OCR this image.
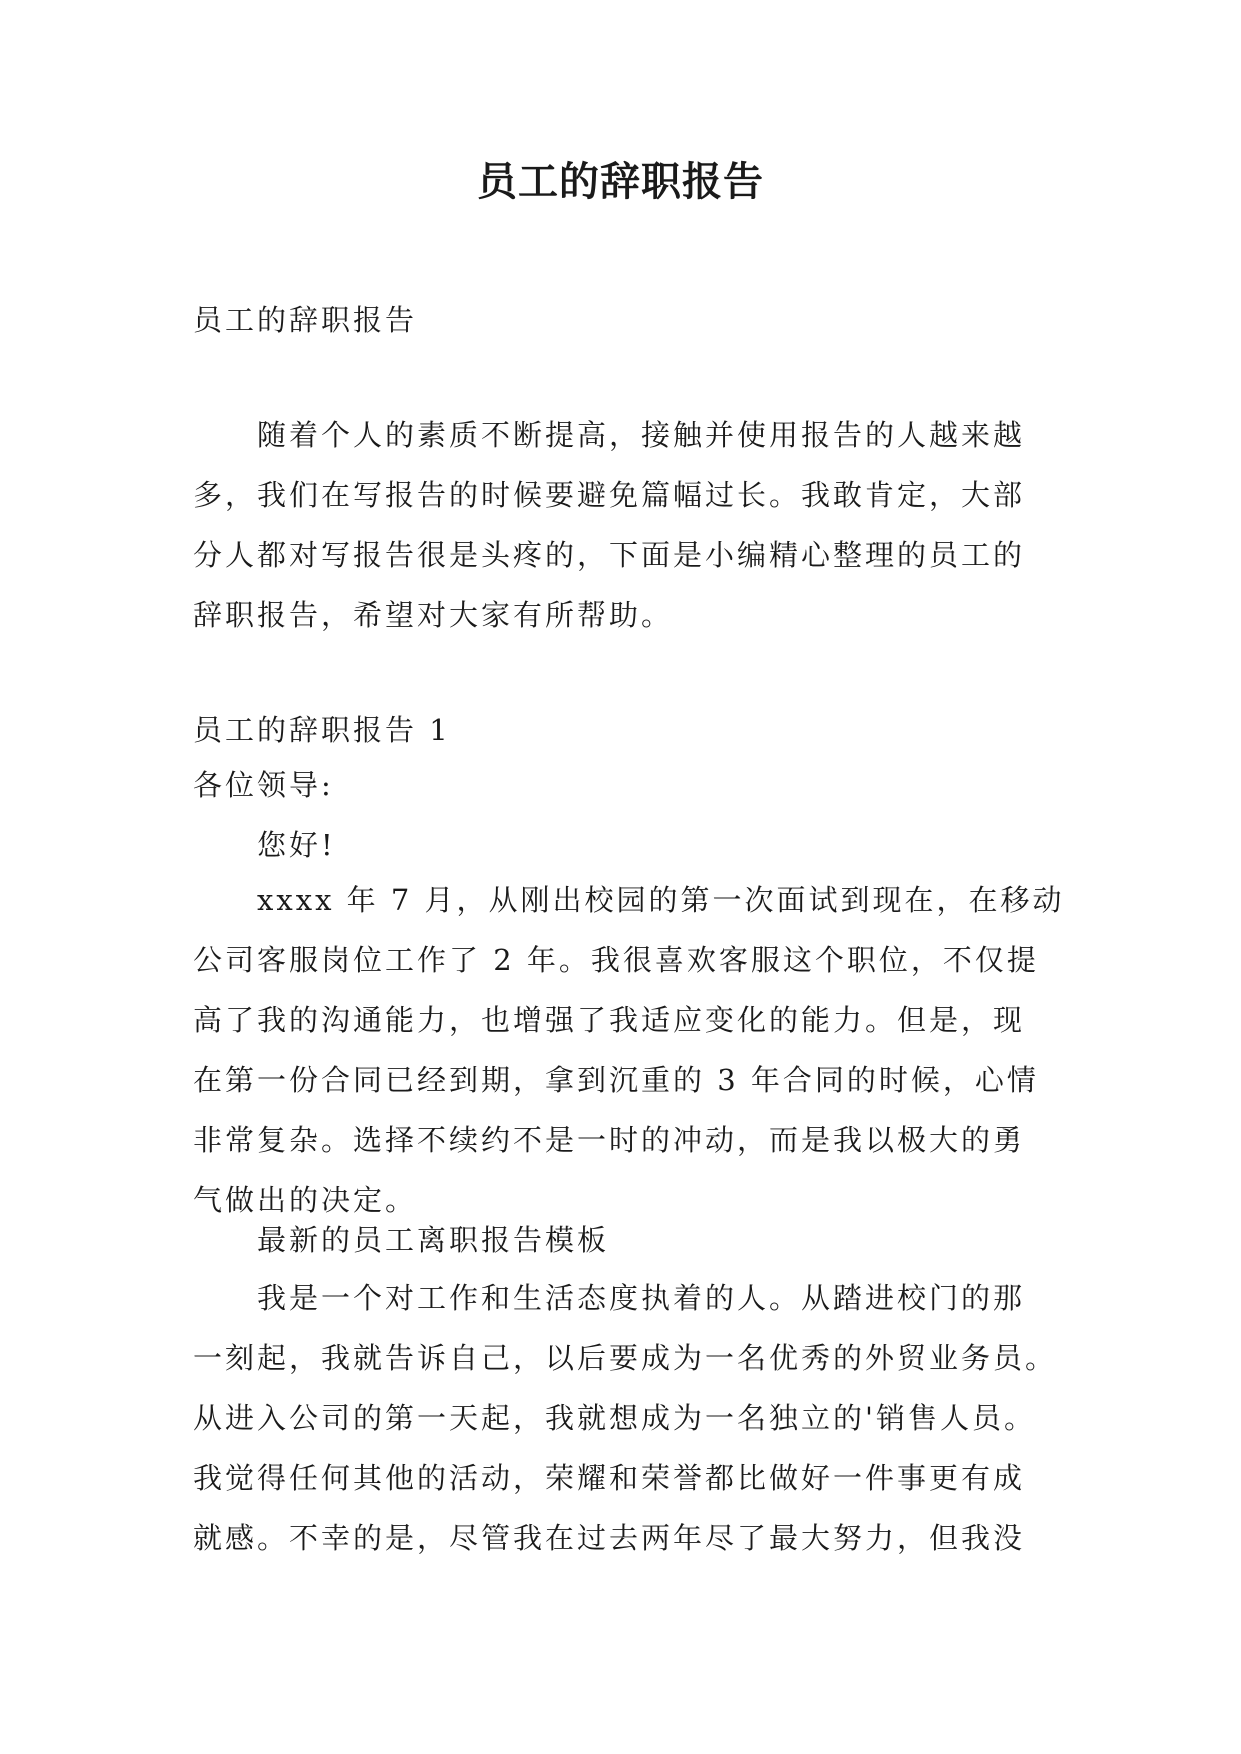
员工的辞职报告

员工的辞职报告

随着个人的素质不断提高，接触并使用报告的人越来越
多，我们在写报告的时候要避免篇幅过长。我敢肯定，大部
分人都对写报告很是头疼的，下面是小编精心整理的员工的
辞职报告，希望对大家有所帮助。

员工的辞职报告 1

各位领导:

您好!

xxxx 年 7 月，从刚出校园的第一次面试到现在，在移动
公司客服岗位工作了 2 年。我很喜欢客服这个职位，不仅提
高了我的沟通能力，也增强了我适应变化的能力。但是，现
在第一份合同已经到期，拿到沉重的 3 年合同的时候，心情
非常复杂。选择不续约不是一时的冲动，而是我以极大的勇
气做出的决定。

最新的员工离职报告模板

我是一个对工作和生活态度执着的人。从踏进校门的那
一刻起，我就告诉自己，以后要成为一名优秀的外贸业务员。
从进入公司的第一天起，我就想成为一名独立的'销售人员。
我觉得任何其他的活动，荣耀和荣誉都比做好一件事更有成
就感。不幸的是，尽管我在过去两年尽了最大努力，但我没
